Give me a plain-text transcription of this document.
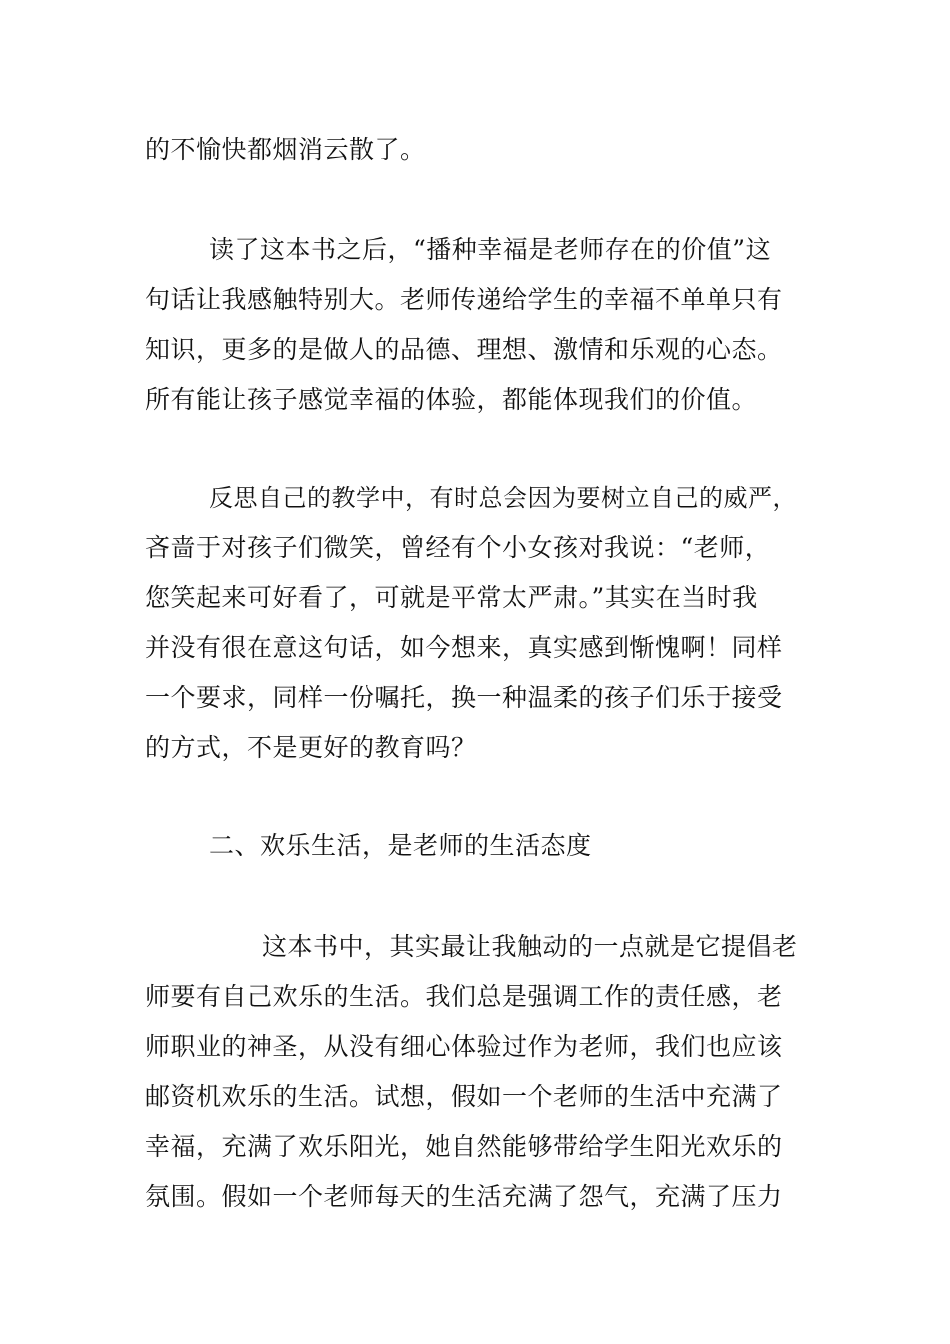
的不愉快都烟消云散了。
读了这本书之后，“播种幸福是老师存在的价值”这
句话让我感触特别大。老师传递给学生的幸福不单单只有
知识，更多的是做人的品德、理想、激情和乐观的心态。
所有能让孩子感觉幸福的体验，都能体现我们的价值。
反思自己的教学中，有时总会因为要树立自己的威严，
吝啬于对孩子们微笑，曾经有个小女孩对我说：“老师，
您笑起来可好看了，可就是平常太严肃。”其实在当时我
并没有很在意这句话，如今想来，真实感到惭愧啊！同样
一个要求，同样一份嘱托，换一种温柔的孩子们乐于接受
的方式，不是更好的教育吗？
二、欢乐生活，是老师的生活态度
这本书中，其实最让我触动的一点就是它提倡老
师要有自己欢乐的生活。我们总是强调工作的责任感，老
师职业的神圣，从没有细心体验过作为老师，我们也应该
邮资机欢乐的生活。试想，假如一个老师的生活中充满了
幸福，充满了欢乐阳光，她自然能够带给学生阳光欢乐的
氛围。假如一个老师每天的生活充满了怨气，充满了压力
